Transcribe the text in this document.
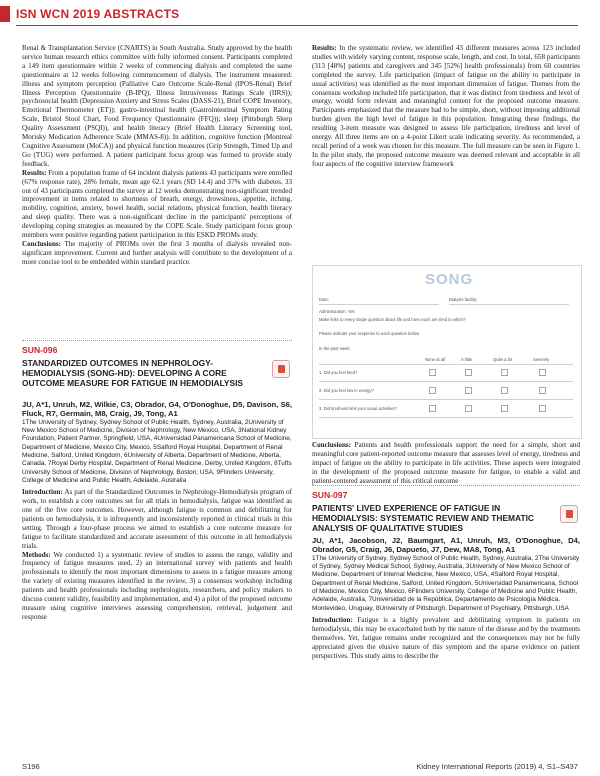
ISN WCN 2019 ABSTRACTS

Renal & Transplantation Service (CNARTS) in South Australia. Study approved by the health service human research ethics committee with fully informed consent. Participants completed a 149 item questionnaire within 2 weeks of commencing dialysis and completed the same questionnaire at 12 weeks following commencement of dialysis. The instrument measured: illness and symptom perception (Palliative Care Outcome Scale-Renal (IPOS-Renal) Brief Illness Perception Questionnaire (B-IPQ), Illness Intrusiveness Ratings Scale (IIRS)); psychosocial health (Depression Anxiety and Stress Scales (DASS-21), Brief COPE Inventory, Emotional Thermometer (ET)); gastro-intestinal health (Gastrointestinal Symptom Rating Scale, Bristol Stool Chart, Food Frequency Questionnaire (FFQ)); sleep (Pittsburgh Sleep Quality Assessment (PSQI)), and health literacy (Brief Health Literacy Screening tool, Morisky Medication Adherence Scale (MMAS-8)). In addition, cognitive function (Montreal Cognitive Assessment (MoCA)) and physical function measures (Grip Strength, Timed Up and Go (TUG) were performed. A patient participant focus group was formed to provide study feedback.

Results: From a population frame of 64 incident dialysis patients 43 participants were enrolled (67% response rate), 28% female, mean age 62.1 years (SD 14.4) and 37% with diabetes. 33 out of 43 participants completed the survey at 12 weeks demonstrating non-significant trended improvement in items related to shortness of breath, energy, drowsiness, appetite, itching, mobility, cognition, anxiety, bowel health, social relations, physical function, health literacy and sleep quality. There was a non-significant decline in the participants' perceptions of developing coping strategies as measured by the COPE Scale. Study participant focus group members were positive regarding patient participation in this ESKD PROMs study.

Conclusions: The majority of PROMs over the first 3 months of dialysis revealed non-significant improvement. Current and further analysis will contribute to the development of a more concise tool to be embedded within standard practice.

SUN-096
STANDARDIZED OUTCOMES IN NEPHROLOGY-HEMODIALYSIS (SONG-HD): DEVELOPING A CORE OUTCOME MEASURE FOR FATIGUE IN HEMODIALYSIS

JU, A*1, Unruh, M2, Wilkie, C3, Obrador, G4, O'Donoghue, D5, Davison, S6, Fluck, R7, Germain, M8, Craig, J9, Tong, A1

1The University of Sydney, Sydney School of Public Health, Sydney, Australia, 2University of New Mexico School of Medicine, Division of Nephrology, New Mexico, USA, 3National Kidney Foundation, Patient Partner, Springfield, USA, 4Universidad Panamericana School of Medicine, Department of Medicine, Mexico City, Mexico, 5Salford Royal Hospital, Department of Renal Medicine, Salford, United Kingdom, 6University of Alberta, Department of Medicine, Alberta, Canada, 7Royal Derby Hospital, Department of Renal Medicine, Derby, United Kingdom, 8Tufts University School of Medicine, Division of Nephrology, Boston, USA, 9Flinders University, College of Medicine and Public Health, Adelaide, Australia

Introduction: As part of the Standardized Outcomes in Nephrology-Hemodialysis program of work, to establish a core outcomes set for all trials in hemodialysis, fatigue was identified as one of the five core outcomes. However, although fatigue is common and debilitating for patients on hemodialysis, it is infrequently and inconsistently reported in clinical trials in this setting. Through a four-phase process we aimed to establish a core outcome measure for fatigue to facilitate standardized and accurate assessment of this outcome in all hemodialysis trials.

Methods: We conducted 1) a systematic review of studies to assess the range, validity and frequency of fatigue measures used, 2) an international survey with patients and health professionals to identify the most important dimensions to assess in a fatigue measure among the variety of existing measures identified in the review, 3) a consensus workshop including patients and health professionals including nephrologists, researchers, and policy makers to discuss content validity, feasibility and implementation, and 4) a pilot of the proposed outcome measure using cognitive interviews assessing comprehension, retrieval, judgement and response

Results: In the systematic review, we identified 43 different measures across 123 included studies with widely varying content, response scale, length, and cost. In total, 658 participants (313 [48%] patients and caregivers and 345 [52%] health professionals) from 60 countries completed the survey. Life participation (impact of fatigue on the ability to participate in usual activities) was identified as the most important dimension of fatigue. Themes from the consensus workshop included life participation, that it was distinct from tiredness and level of energy, would form relevant and meaningful content for the proposed outcome measure. Participants emphasized that the measure had to be simple, short, without imposing additional burden given the high level of fatigue in this population. Integrating these findings, the resulting 3-item measure was designed to assess life participation, tiredness and level of energy. All three items are on a 4-point Likert scale indicating severity. As recommended, a recall period of a week was chosen for this measure. The full measure can be seen in Figure 1. In the pilot study, the proposed outcome measure was deemed relevant and acceptable in all four aspects of the cognitive interview framework

SONG
Date:	Dialysis facility:
Administration: Yes
Make links to every single question about life and how much are tired to which?
Please indicate your response to each question below
In the past week:
None at all	A little	Quite a bit	Severely
1. Did you feel tired?
2. Did you feel low in energy?
3. Did tiredness limit your usual activities?

Conclusions: Patients and health professionals support the need for a simple, short and meaningful core patient-reported outcome measure that assesses level of energy, tiredness and impact of fatigue on the ability to participate in life activities. These aspects were integrated in the development of the proposed outcome measure for fatigue, to enable a valid and patient-centered assessment of this critical outcome

SUN-097
PATIENTS' LIVED EXPERIENCE OF FATIGUE IN HEMODIALYSIS: SYSTEMATIC REVIEW AND THEMATIC ANALYSIS OF QUALITATIVE STUDIES

JU, A*1, Jacobson, J2, Baumgart, A1, Unruh, M3, O'Donoghue, D4, Obrador, G5, Craig, J6, Dapueto, J7, Dew, MA8, Tong, A1

1The University of Sydney, Sydney School of Public Health, Sydney, Australia, 2The University of Sydney, Sydney Medical School, Sydney, Australia, 3University of New Mexico School of Medicine, Department of Internal Medicine, New Mexico, USA, 4Salford Royal Hospital, Department of Renal Medicine, Salford, United Kingdom, 5Universidad Panamericana, School of Medicine, Mexico City, Mexico, 6Flinders University, College of Medicine and Public Health, Adelaide, Australia, 7Universidad de la República, Departamento de Psicología Médica, Montevideo, Uruguay, 8University of Pittsburgh, Department of Psychiatry, Pittsburgh, USA

Introduction: Fatigue is a highly prevalent and debilitating symptom in patients on hemodialysis, this may be exacerbated both by the nature of the disease and by the treatments themselves. Yet, fatigue remains under recognized and the consequences may not be fully appreciated given the elusive nature of this symptom and the sparse evidence on patient perspectives. This study aims to describe the

S196	Kidney International Reports (2019) 4, S1–S437
